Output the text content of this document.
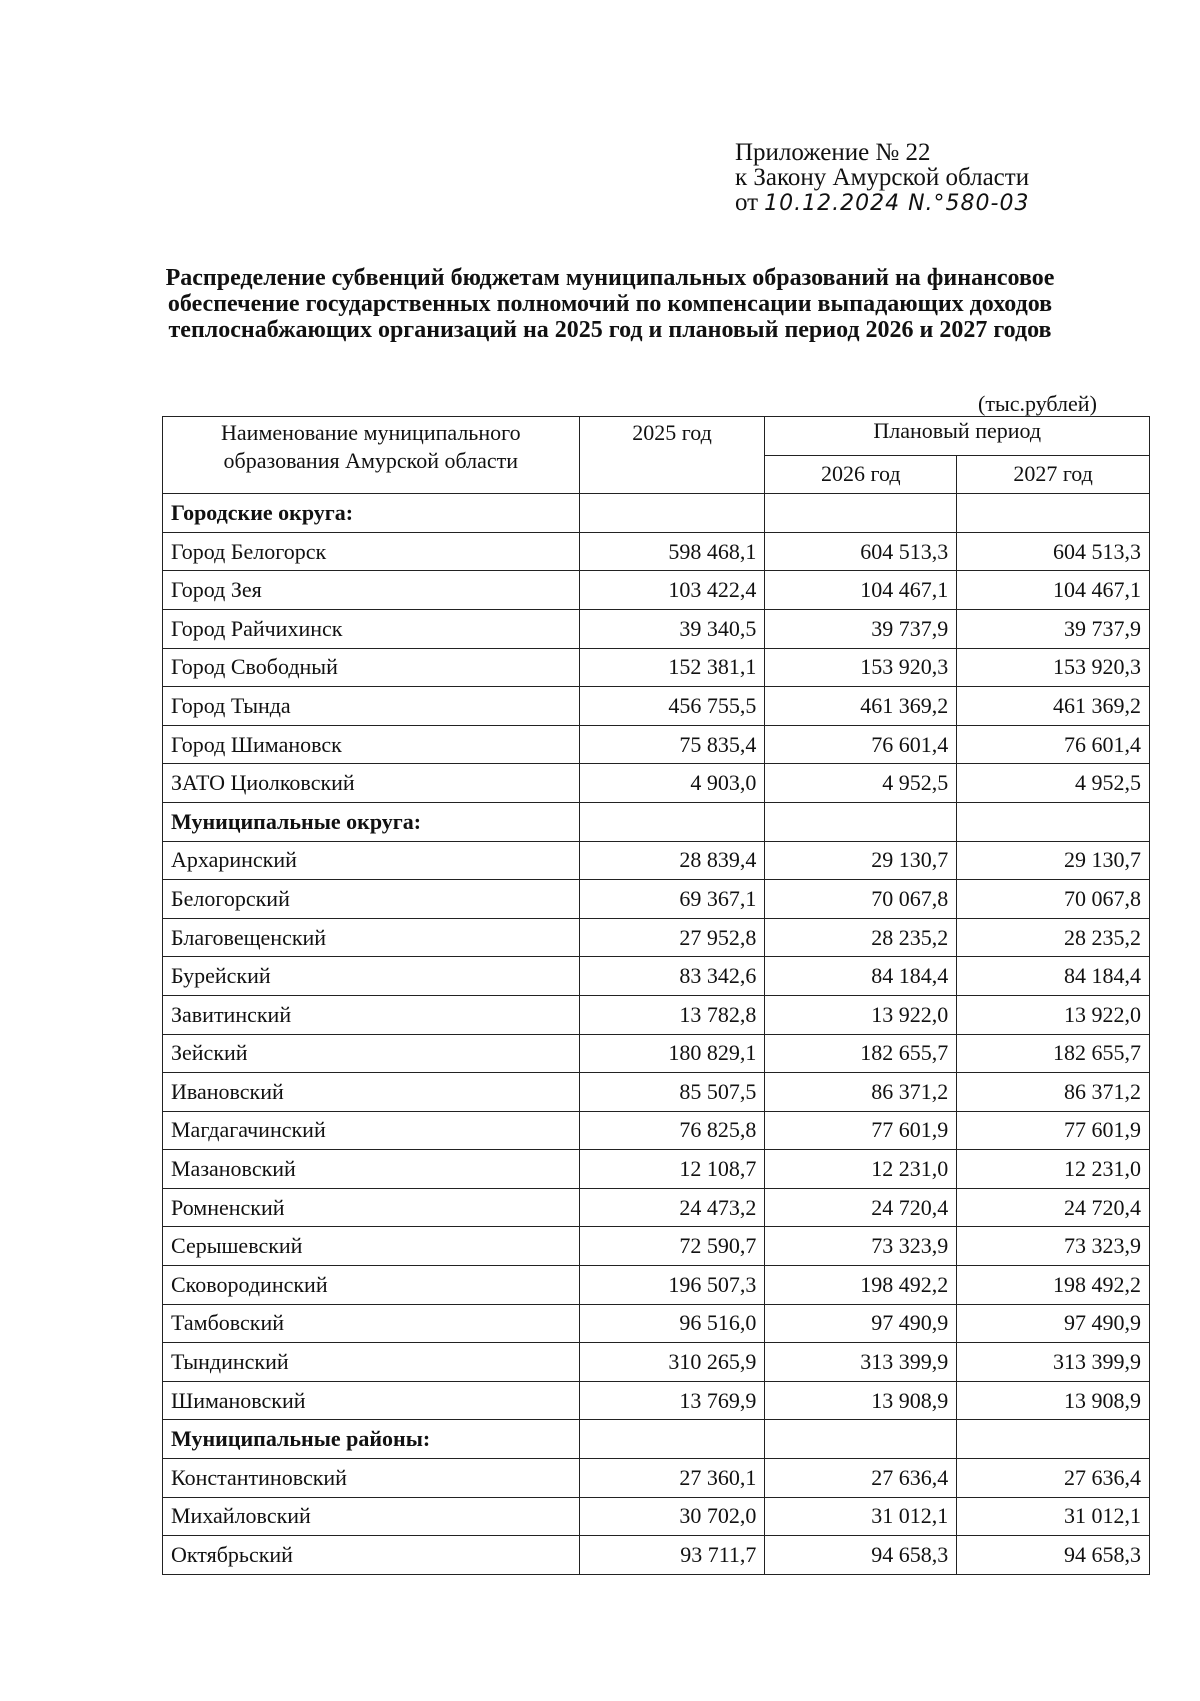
Приложение № 22
к Закону Амурской области
от 10.12.2024 N.°580-03
Распределение субвенций бюджетам муниципальных образований на финансовое обеспечение государственных полномочий по компенсации выпадающих доходов теплоснабжающих организаций на 2025 год и плановый период 2026 и 2027 годов
(тыс.рублей)
Наименование муниципального образования Амурской области	2025 год	Плановый период	
		2026 год	2027 год
Городские округа:			
Город Белогорск	598 468,1	604 513,3	604 513,3
Город Зея	103 422,4	104 467,1	104 467,1
Город Райчихинск	39 340,5	39 737,9	39 737,9
Город Свободный	152 381,1	153 920,3	153 920,3
Город Тында	456 755,5	461 369,2	461 369,2
Город Шимановск	75 835,4	76 601,4	76 601,4
ЗАТО Циолковский	4 903,0	4 952,5	4 952,5
Муниципальные округа:			
Архаринский	28 839,4	29 130,7	29 130,7
Белогорский	69 367,1	70 067,8	70 067,8
Благовещенский	27 952,8	28 235,2	28 235,2
Бурейский	83 342,6	84 184,4	84 184,4
Завитинский	13 782,8	13 922,0	13 922,0
Зейский	180 829,1	182 655,7	182 655,7
Ивановский	85 507,5	86 371,2	86 371,2
Магдагачинский	76 825,8	77 601,9	77 601,9
Мазановский	12 108,7	12 231,0	12 231,0
Ромненский	24 473,2	24 720,4	24 720,4
Серышевский	72 590,7	73 323,9	73 323,9
Сковородинский	196 507,3	198 492,2	198 492,2
Тамбовский	96 516,0	97 490,9	97 490,9
Тындинский	310 265,9	313 399,9	313 399,9
Шимановский	13 769,9	13 908,9	13 908,9
Муниципальные районы:			
Константиновский	27 360,1	27 636,4	27 636,4
Михайловский	30 702,0	31 012,1	31 012,1
Октябрьский	93 711,7	94 658,3	94 658,3
